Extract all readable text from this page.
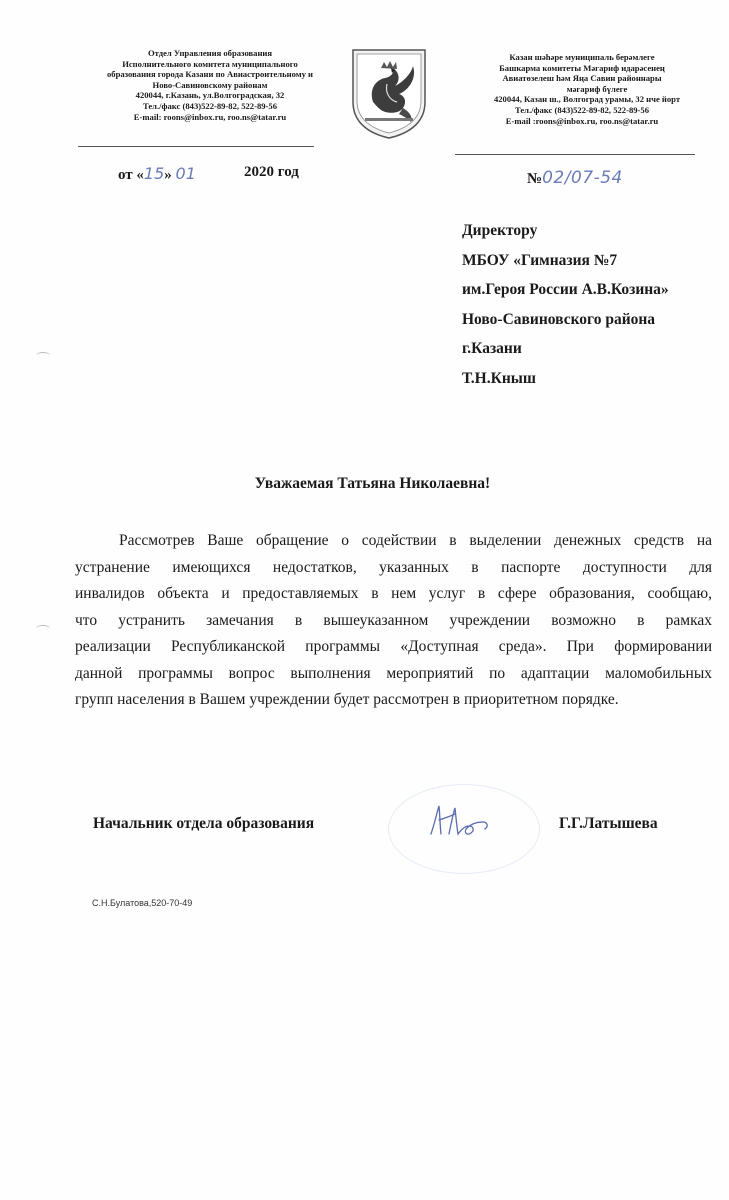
Отдел Управления образования
Исполнительного комитета муниципального
образования города Казани по Авиастроительному и
Ново-Савиновскому районам
420044, г.Казань, ул.Волгоградская, 32
Тел./факс (843)522-89-82, 522-89-56
E-mail: roons@inbox.ru, roo.ns@tatar.ru
Казан шәһәре муниципаль берәмлеге
Башкарма комитеты Мәгариф идарәсенең
Авиатөзелеш һәм Яңа Савин районнары
мәгариф бүлеге
420044, Казан ш., Волгоград урамы, 32 нче йорт
Тел./факс (843)522-89-82, 522-89-56
E-mail :roons@inbox.ru, roo.ns@tatar.ru
от «15» 01	2020 год	№02/07-54
Директору
МБОУ «Гимназия №7
им.Героя России А.В.Козина»
Ново-Савиновского района
г.Казани
Т.Н.Кныш
Уважаемая Татьяна Николаевна!
Рассмотрев Ваше обращение о содействии в выделении денежных средств на
устранение имеющихся недостатков, указанных в паспорте доступности для
инвалидов объекта и предоставляемых в нем услуг в сфере образования, сообщаю,
что устранить замечания в вышеуказанном учреждении возможно в рамках
реализации Республиканской программы «Доступная среда». При формировании
данной программы вопрос выполнения мероприятий по адаптации маломобильных
групп населения в Вашем учреждении будет рассмотрен в приоритетном порядке.
Начальник отдела образования	Г.Г.Латышева
С.Н.Булатова,520-70-49
